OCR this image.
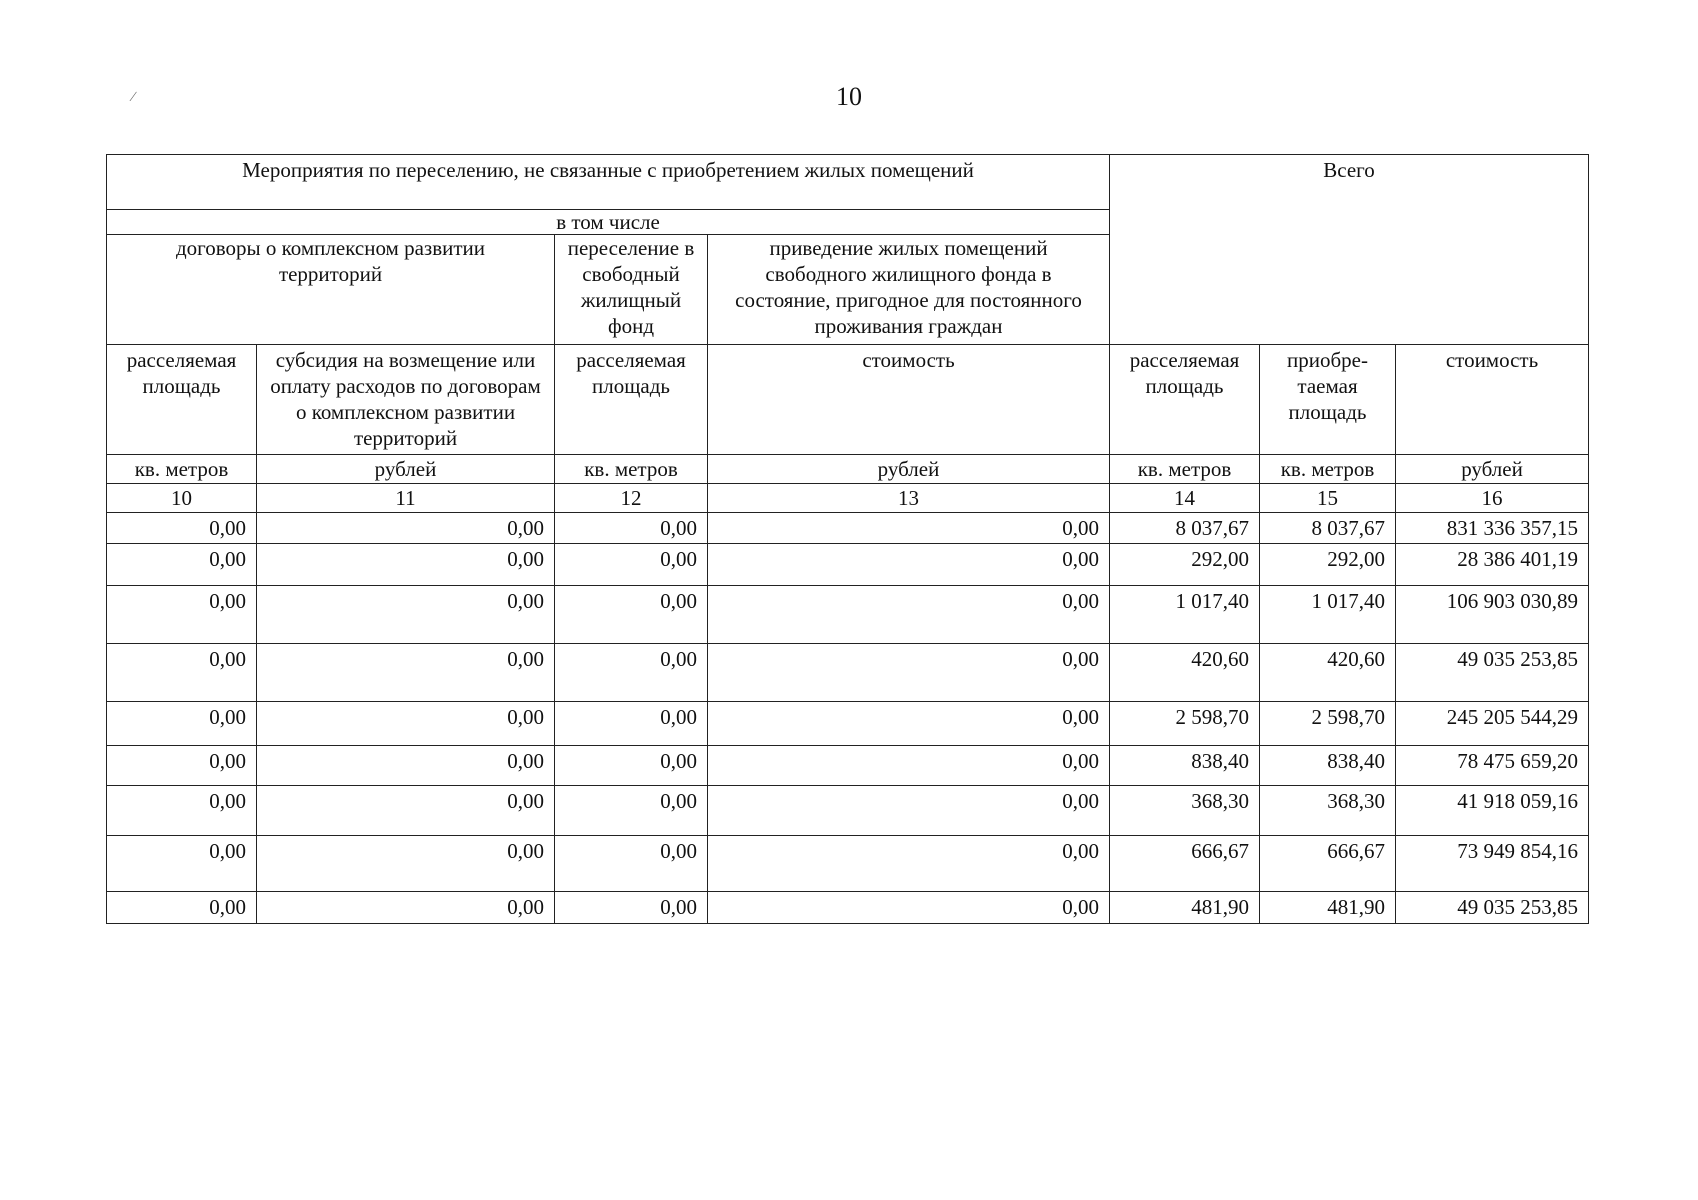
10
∕
Мероприятия по переселению, не связанные с приобретением жилых помещений				Всего		
в том числе						
договоры о комплексном развитии территорий		переселение в свободный жилищный фонд	приведение жилых помещений свободного жилищного фонда в состояние, пригодное для постоянного проживания граждан			
расселяемая площадь	субсидия на возмещение или оплату расходов по договорам о комплексном развитии территорий	расселяемая площадь	стоимость	расселяемая площадь	приобре-таемая площадь	стоимость
кв. метров	рублей	кв. метров	рублей	кв. метров	кв. метров	рублей
10	11	12	13	14	15	16
0,00	0,00	0,00	0,00	8 037,67	8 037,67	831 336 357,15
0,00	0,00	0,00	0,00	292,00	292,00	28 386 401,19
0,00	0,00	0,00	0,00	1 017,40	1 017,40	106 903 030,89
0,00	0,00	0,00	0,00	420,60	420,60	49 035 253,85
0,00	0,00	0,00	0,00	2 598,70	2 598,70	245 205 544,29
0,00	0,00	0,00	0,00	838,40	838,40	78 475 659,20
0,00	0,00	0,00	0,00	368,30	368,30	41 918 059,16
0,00	0,00	0,00	0,00	666,67	666,67	73 949 854,16
0,00	0,00	0,00	0,00	481,90	481,90	49 035 253,85
